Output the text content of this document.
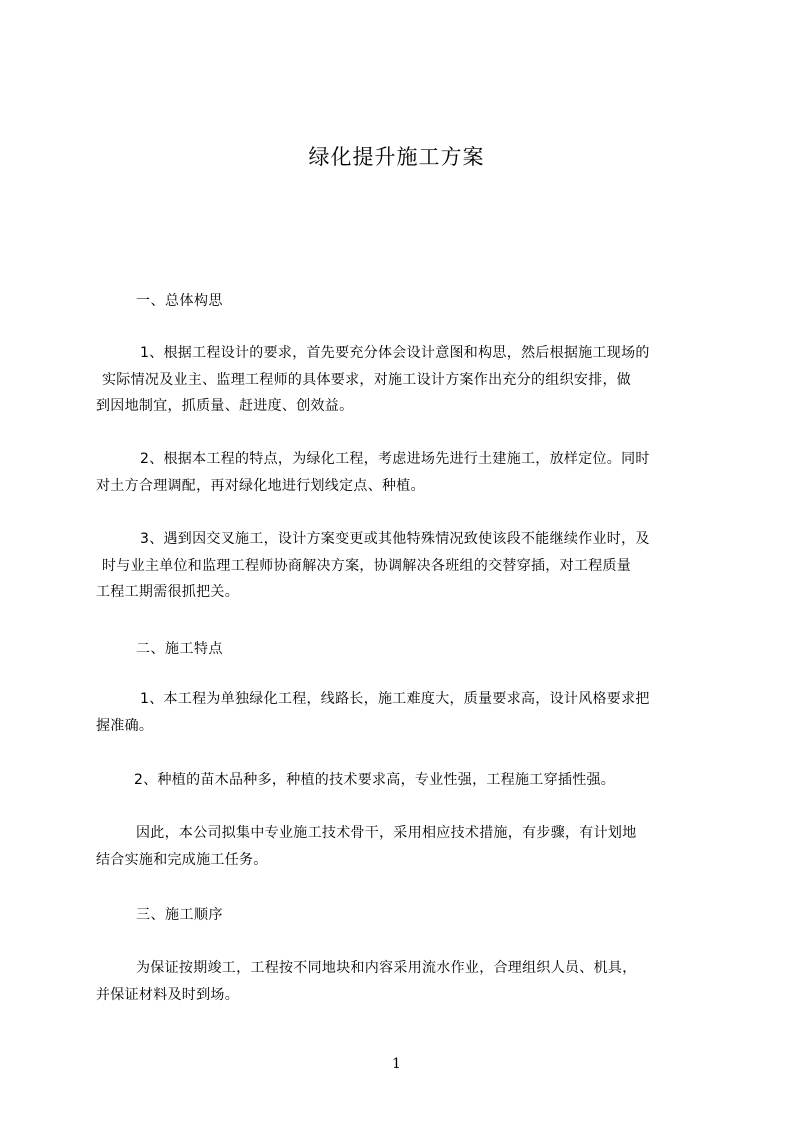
绿化提升施工方案
一、总体构思
1、根据工程设计的要求，首先要充分体会设计意图和构思，然后根据施工现场的
实际情况及业主、监理工程师的具体要求，对施工设计方案作出充分的组织安排，做
到因地制宜，抓质量、赶进度、创效益。
2、根据本工程的特点，为绿化工程，考虑进场先进行土建施工，放样定位。同时
对土方合理调配，再对绿化地进行划线定点、种植。
3、遇到因交叉施工，设计方案变更或其他特殊情况致使该段不能继续作业时，及
时与业主单位和监理工程师协商解决方案，协调解决各班组的交替穿插，对工程质量
工程工期需很抓把关。
二、施工特点
1、本工程为单独绿化工程，线路长，施工难度大，质量要求高，设计风格要求把
握准确。
2、种植的苗木品种多，种植的技术要求高，专业性强，工程施工穿插性强。
因此，本公司拟集中专业施工技术骨干，采用相应技术措施，有步骤，有计划地
结合实施和完成施工任务。
三、施工顺序
为保证按期竣工，工程按不同地块和内容采用流水作业，合理组织人员、机具，
并保证材料及时到场。
1
